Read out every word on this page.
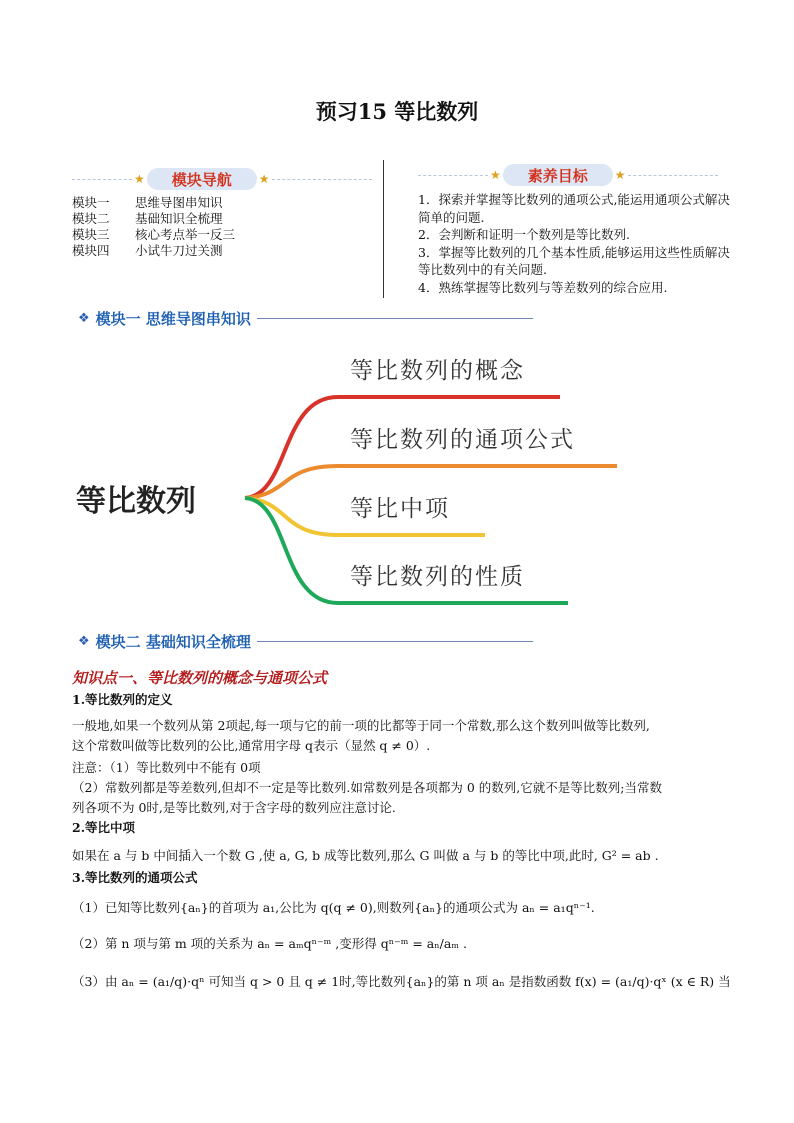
预习15 等比数列
★	模块导航	★
模块一	思维导图串知识
模块二	基础知识全梳理
模块三	核心考点举一反三
模块四	小试牛刀过关测
★	素养目标	★
1．探索并掌握等比数列的通项公式,能运用通项公式解决简单的问题.
2．会判断和证明一个数列是等比数列.
3．掌握等比数列的几个基本性质,能够运用这些性质解决等比数列中的有关问题.
4．熟练掌握等比数列与等差数列的综合应用.
❖ 模块一 思维导图串知识
等比数列
等比数列的概念
等比数列的通项公式
等比中项
等比数列的性质
❖ 模块二 基础知识全梳理
知识点一、等比数列的概念与通项公式
1.等比数列的定义
一般地,如果一个数列从第 2项起,每一项与它的前一项的比都等于同一个常数,那么这个数列叫做等比数列,
这个常数叫做等比数列的公比,通常用字母 q表示（显然 q ≠ 0）.
注意：（1）等比数列中不能有 0项
（2）常数列都是等差数列,但却不一定是等比数列.如常数列是各项都为 0 的数列,它就不是等比数列;当常数
列各项不为 0时,是等比数列,对于含字母的数列应注意讨论.
2.等比中项
如果在 a 与 b 中间插入一个数 G ,使 a, G, b 成等比数列,那么 G 叫做 a 与 b 的等比中项,此时, G² = ab .
3.等比数列的通项公式
（1）已知等比数列{aₙ}的首项为 a₁,公比为 q(q ≠ 0),则数列{aₙ}的通项公式为 aₙ = a₁qⁿ⁻¹.
（2）第 n 项与第 m 项的关系为 aₙ = aₘqⁿ⁻ᵐ ,变形得 qⁿ⁻ᵐ = aₙ/aₘ .
（3）由 aₙ = (a₁/q)·qⁿ 可知当 q > 0 且 q ≠ 1时,等比数列{aₙ}的第 n 项 aₙ 是指数函数 f(x) = (a₁/q)·qˣ (x ∈ R) 当
